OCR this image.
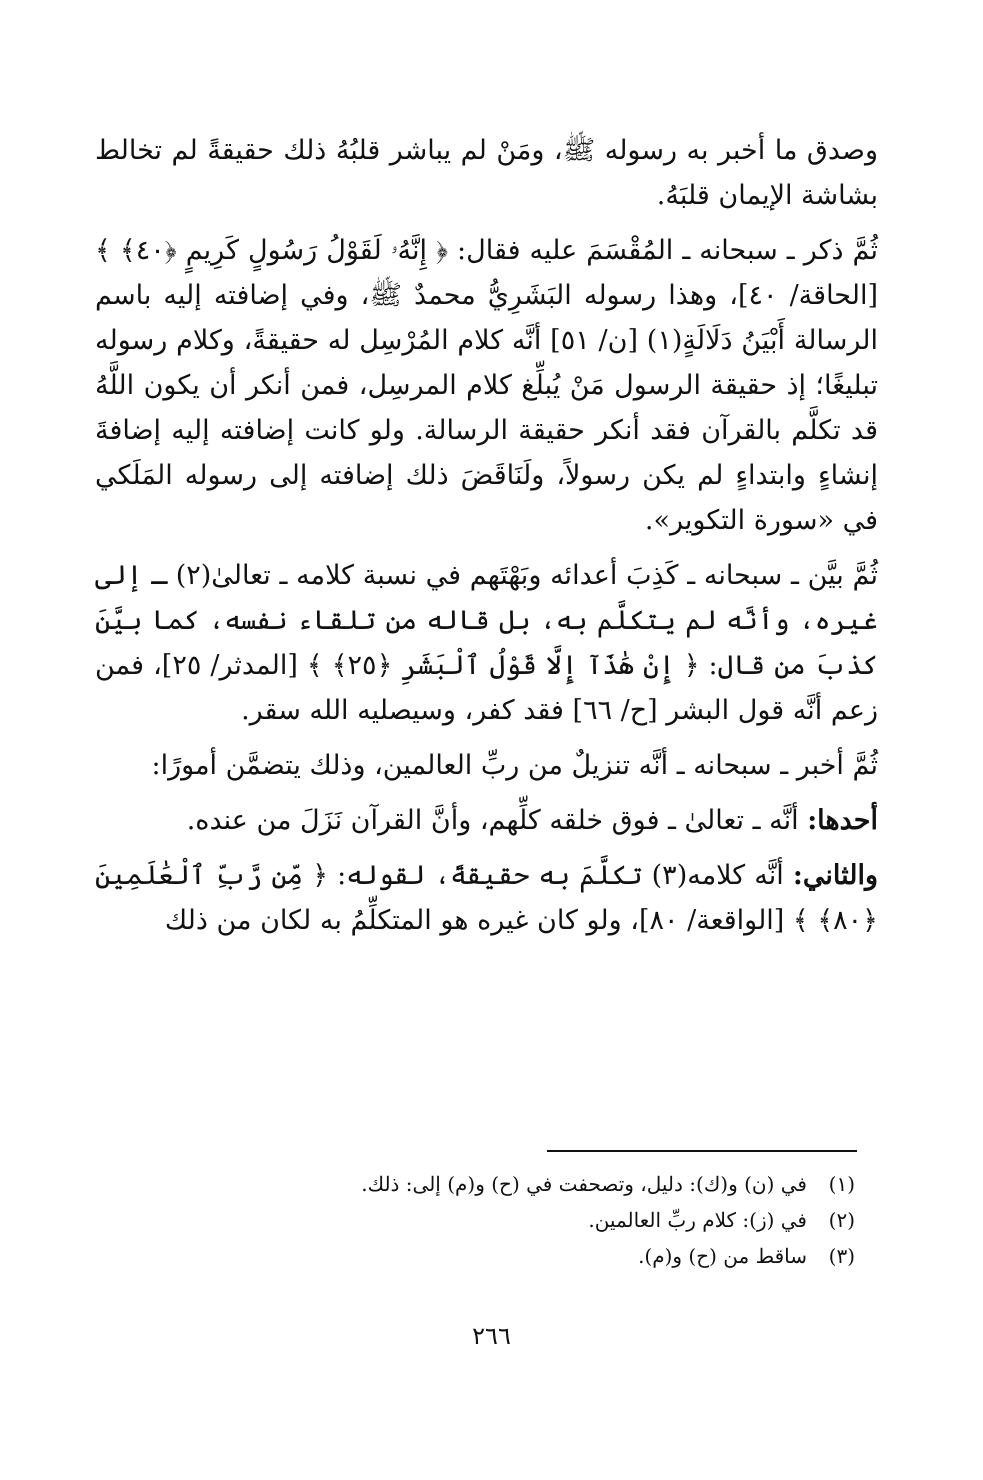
وصدق ما أخبر به رسوله ﷺ، ومَنْ لم يباشر قلبُهُ ذلك حقيقةً لم تخالط بشاشة الإيمان قلبَهُ.

ثُمَّ ذكر ـ سبحانه ـ المُقْسَمَ عليه فقال: ﴿ إِنَّهُۥ لَقَوْلُ رَسُولٍ كَرِيمٍ ﴿٤٠﴾ ﴾ [الحاقة/ ٤٠]، وهذا رسوله البَشَرِيُّ محمدٌ ﷺ، وفي إضافته إليه باسم الرسالة أَبْيَنُ دَلَالَةٍ(١) [ن/ ٥١] أنَّه كلام المُرْسِل له حقيقةً، وكلام رسوله تبليغًا؛ إذ حقيقة الرسول مَنْ يُبلِّغ كلام المرسِل، فمن أنكر أن يكون اللَّهُ قد تكلَّم بالقرآن فقد أنكر حقيقة الرسالة. ولو كانت إضافته إليه إضافةَ إنشاءٍ وابتداءٍ لم يكن رسولاً، ولَنَاقَضَ ذلك إضافته إلى رسوله المَلَكي في «سورة التكوير».

ثُمَّ بيَّن ـ سبحانه ـ كَذِبَ أعدائه وبَهْتَهم في نسبة كلامه ـ تعالىٰ(٢) ـ إلى غيره، وأنَّه لم يتكلَّم به، بل قاله من تلقاء نفسه، كما بيَّنَ كذبَ من قال: ﴿ إِنْ هَٰذَآ إِلَّا قَوْلُ ٱلْبَشَرِ ﴿٢٥﴾ ﴾ [المدثر/ ٢٥]، فمن زعم أنَّه قول البشر [ح/ ٦٦] فقد كفر، وسيصليه الله سقر.

ثُمَّ أخبر ـ سبحانه ـ أنَّه تنزيلٌ من ربِّ العالمين، وذلك يتضمَّن أمورًا:

أحدها: أنَّه ـ تعالىٰ ـ فوق خلقه كلِّهم، وأنَّ القرآن نَزَلَ من عنده.

والثاني: أنَّه كلامه(٣) تكلَّمَ به حقيقةً، لقوله: ﴿ مِّن رَّبِّ ٱلْعَٰلَمِينَ ﴿٨٠﴾ ﴾ [الواقعة/ ٨٠]، ولو كان غيره هو المتكلِّمُ به لكان من ذلك

(١)
في (ن) و(ك): دليل، وتصحفت في (ح) و(م) إلى: ذلك.
(٢)
في (ز): كلام ربِّ العالمين.
(٣)
ساقط من (ح) و(م).
٢٦٦
